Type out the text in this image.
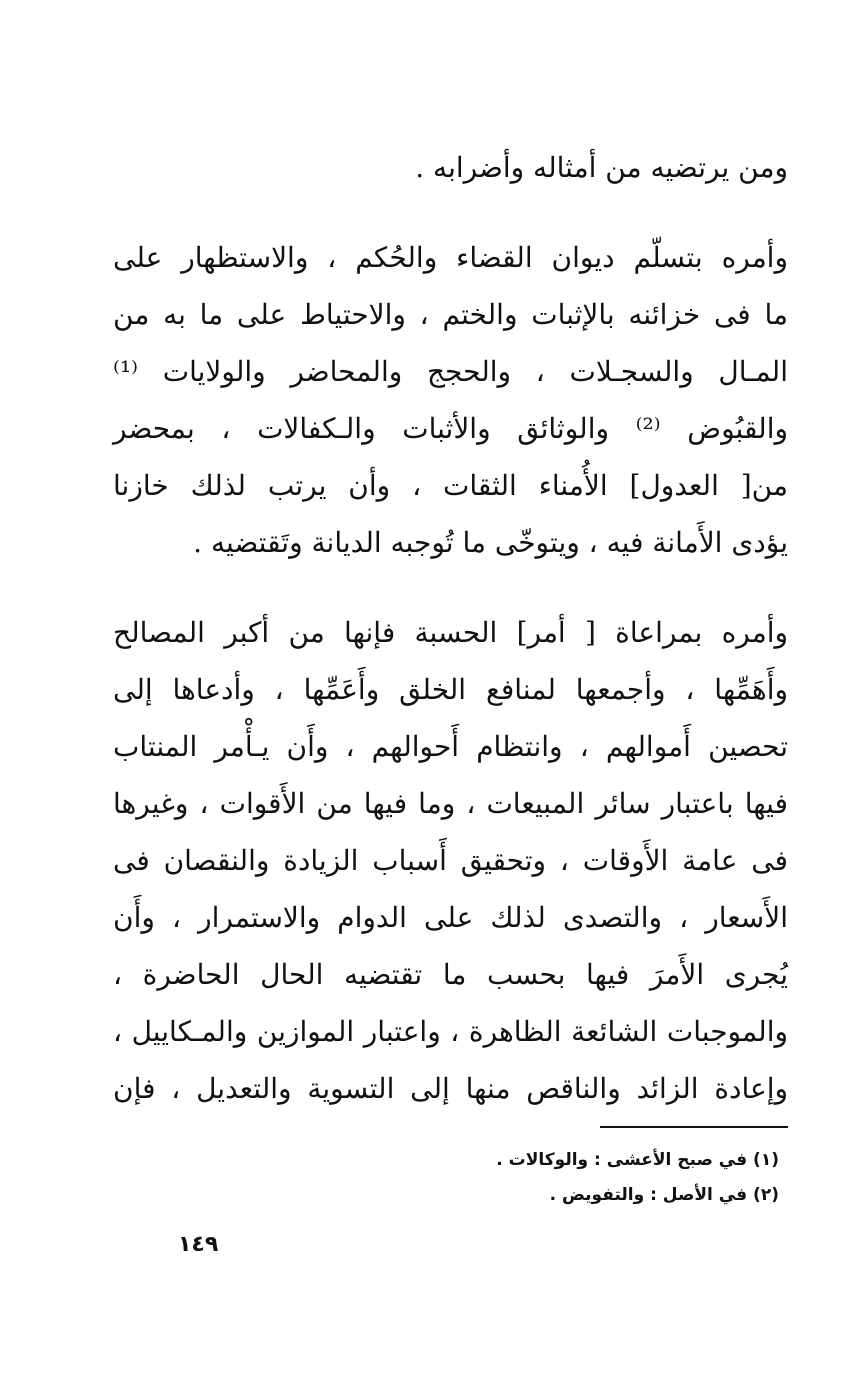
ومن يرتضيه من أمثاله وأضرابه .
وأمره بتسلّم ديوان القضاء والحُكم ، والاستظهار على
ما فى خزائنه بالإثبات والختم ، والاحتياط على ما به من
المـال والسجـلات ، والحجج والمحاضر والولايات ⁽¹⁾
والقبُوض ⁽²⁾ والوثائق والأثبات والـكفالات ، بمحضر
من[ العدول] الأُمناء الثقات ، وأن يرتب لذلك خازنا
يؤدى الأَمانة فيه ، ويتوخّى ما تُوجبه الديانة وتَقتضيه .
وأمره بمراعاة [ أمر] الحسبة فإنها من أكبر المصالح
وأَهَمِّها ، وأجمعها لمنافع الخلق وأَعَمِّها ، وأدعاها إلى
تحصين أَموالهم ، وانتظام أَحوالهم ، وأَن يـأْمر المنتاب
فيها باعتبار سائر المبيعات ، وما فيها من الأَقوات ، وغيرها
فى عامة الأَوقات ، وتحقيق أَسباب الزيادة والنقصان فى
الأَسعار ، والتصدى لذلك على الدوام والاستمرار ، وأَن
يُجرى الأَمرَ فيها بحسب ما تقتضيه الحال الحاضرة ،
والموجبات الشائعة الظاهرة ، واعتبار الموازين والمـكاييل ،
وإعادة الزائد والناقص منها إلى التسوية والتعديل ، فإن
(١) في صبح الأعشى : والوكالات .
(٢) في الأصل : والتفويض .
١٤٩
